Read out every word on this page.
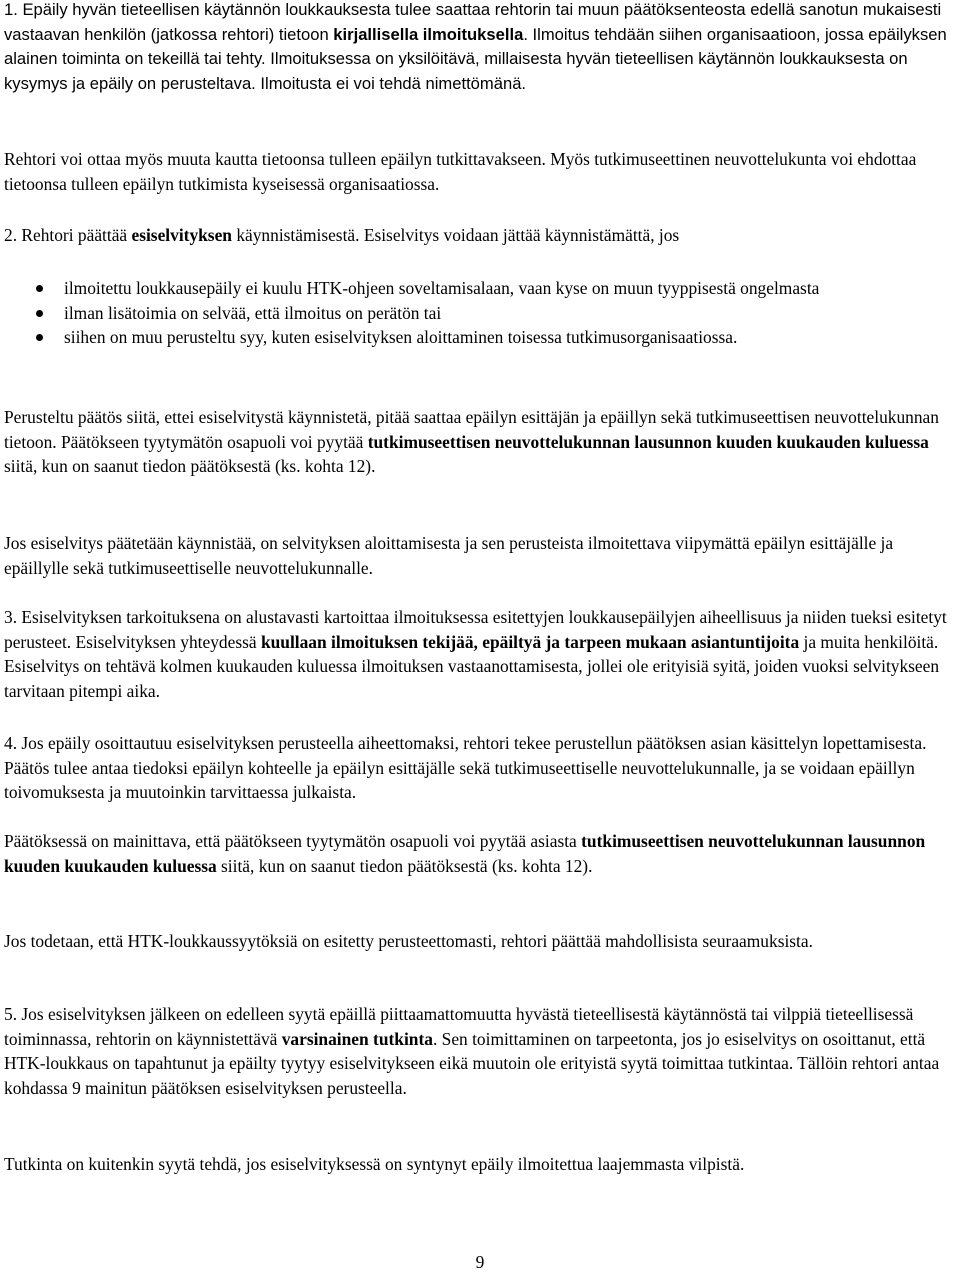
1. Epäily hyvän tieteellisen käytännön loukkauksesta tulee saattaa rehtorin tai muun päätöksenteosta edellä sanotun mukaisesti vastaavan henkilön (jatkossa rehtori) tietoon kirjallisella ilmoituksella. Ilmoitus tehdään siihen organisaatioon, jossa epäilyksen alainen toiminta on tekeillä tai tehty. Ilmoituksessa on yksilöitävä, millaisesta hyvän tieteellisen käytännön loukkauksesta on kysymys ja epäily on perusteltava. Ilmoitusta ei voi tehdä nimettömänä.

Rehtori voi ottaa myös muuta kautta tietoonsa tulleen epäilyn tutkittavakseen. Myös tutkimuseettinen neuvottelukunta voi ehdottaa tietoonsa tulleen epäilyn tutkimista kyseisessä organisaatiossa.

2. Rehtori päättää esiselvityksen käynnistämisestä. Esiselvitys voidaan jättää käynnistämättä, jos

ilmoitettu loukkausepäily ei kuulu HTK-ohjeen soveltamisalaan, vaan kyse on muun tyyppisestä ongelmasta
ilman lisätoimia on selvää, että ilmoitus on perätön tai
siihen on muu perusteltu syy, kuten esiselvityksen aloittaminen toisessa tutkimusorganisaatiossa.

Perusteltu päätös siitä, ettei esiselvitystä käynnistetä, pitää saattaa epäilyn esittäjän ja epäillyn sekä tutkimuseettisen neuvottelukunnan tietoon. Päätökseen tyytymätön osapuoli voi pyytää tutkimuseettisen neuvottelukunnan lausunnon kuuden kuukauden kuluessa siitä, kun on saanut tiedon päätöksestä (ks. kohta 12).

Jos esiselvitys päätetään käynnistää, on selvityksen aloittamisesta ja sen perusteista ilmoitettava viipymättä epäilyn esittäjälle ja epäillylle sekä tutkimuseettiselle neuvottelukunnalle.

3. Esiselvityksen tarkoituksena on alustavasti kartoittaa ilmoituksessa esitettyjen loukkausepäilyjen aiheellisuus ja niiden tueksi esitetyt perusteet. Esiselvityksen yhteydessä kuullaan ilmoituksen tekijää, epäiltyä ja tarpeen mukaan asiantuntijoita ja muita henkilöitä. Esiselvitys on tehtävä kolmen kuukauden kuluessa ilmoituksen vastaanottamisesta, jollei ole erityisiä syitä, joiden vuoksi selvitykseen tarvitaan pitempi aika.

4. Jos epäily osoittautuu esiselvityksen perusteella aiheettomaksi, rehtori tekee perustellun päätöksen asian käsittelyn lopettamisesta. Päätös tulee antaa tiedoksi epäilyn kohteelle ja epäilyn esittäjälle sekä tutkimuseettiselle neuvottelukunnalle, ja se voidaan epäillyn toivomuksesta ja muutoinkin tarvittaessa julkaista.

Päätöksessä on mainittava, että päätökseen tyytymätön osapuoli voi pyytää asiasta tutkimuseettisen neuvottelukunnan lausunnon kuuden kuukauden kuluessa siitä, kun on saanut tiedon päätöksestä (ks. kohta 12).

Jos todetaan, että HTK-loukkaussyytöksiä on esitetty perusteettomasti, rehtori päättää mahdollisista seuraamuksista.

5. Jos esiselvityksen jälkeen on edelleen syytä epäillä piittaamattomuutta hyvästä tieteellisestä käytännöstä tai vilppiä tieteellisessä toiminnassa, rehtorin on käynnistettävä varsinainen tutkinta. Sen toimittaminen on tarpeetonta, jos jo esiselvitys on osoittanut, että HTK-loukkaus on tapahtunut ja epäilty tyytyy esiselvitykseen eikä muutoin ole erityistä syytä toimittaa tutkintaa. Tällöin rehtori antaa kohdassa 9 mainitun päätöksen esiselvityksen perusteella.

Tutkinta on kuitenkin syytä tehdä, jos esiselvityksessä on syntynyt epäily ilmoitettua laajemmasta vilpistä.

9
